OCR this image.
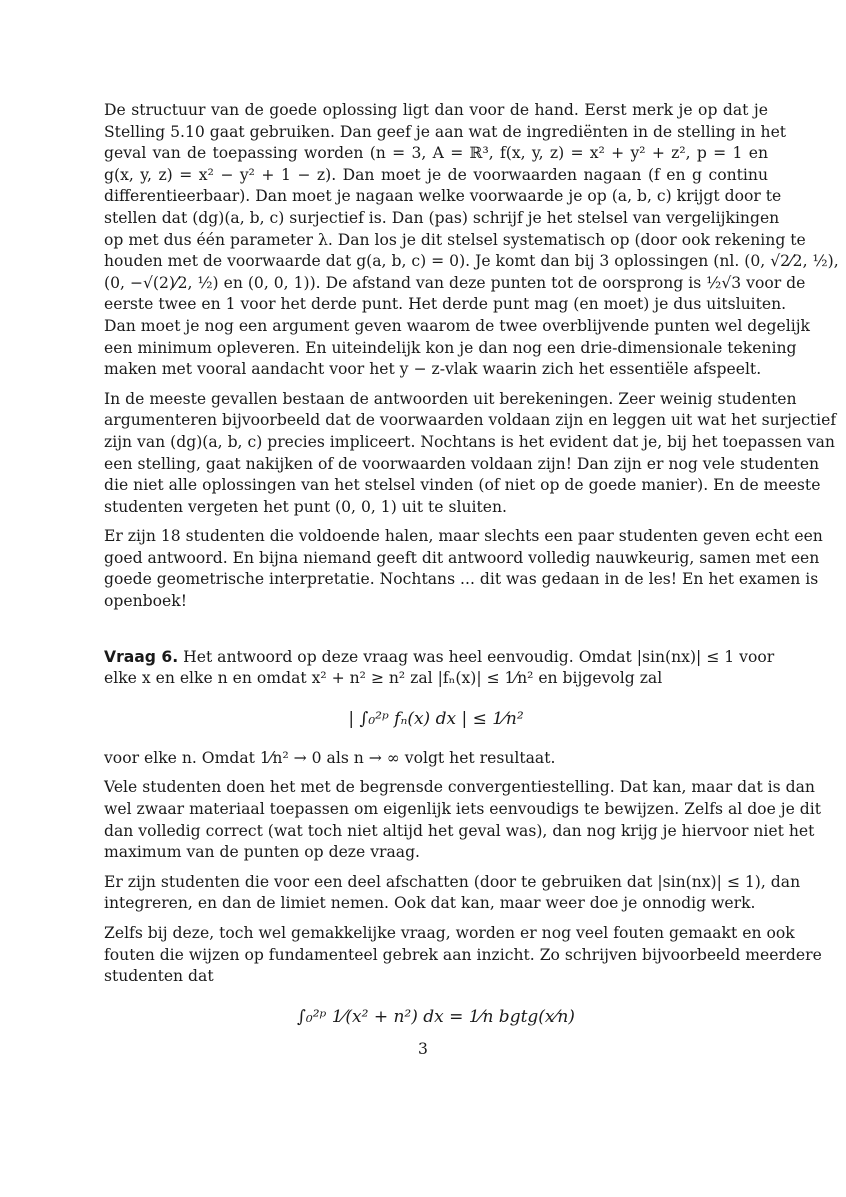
De structuur van de goede oplossing ligt dan voor de hand. Eerst merk je op dat je
Stelling 5.10 gaat gebruiken. Dan geef je aan wat de ingrediënten in de stelling in het
geval van de toepassing worden (n = 3, A = ℝ³, f(x, y, z) = x² + y² + z², p = 1 en
g(x, y, z) = x² − y² + 1 − z). Dan moet je de voorwaarden nagaan (f en g continu
differentieerbaar). Dan moet je nagaan welke voorwaarde je op (a, b, c) krijgt door te
stellen dat (dg)(a, b, c) surjectief is. Dan (pas) schrijf je het stelsel van vergelijkingen
op met dus één parameter λ. Dan los je dit stelsel systematisch op (door ook rekening te
houden met de voorwaarde dat g(a, b, c) = 0). Je komt dan bij 3 oplossingen (nl. (0, √2⁄2, ½),
(0, −√(2)⁄2, ½) en (0, 0, 1)). De afstand van deze punten tot de oorsprong is ½√3 voor de
eerste twee en 1 voor het derde punt. Het derde punt mag (en moet) je dus uitsluiten.
Dan moet je nog een argument geven waarom de twee overblijvende punten wel degelijk
een minimum opleveren. En uiteindelijk kon je dan nog een drie-dimensionale tekening
maken met vooral aandacht voor het y − z-vlak waarin zich het essentiële afspeelt.
In de meeste gevallen bestaan de antwoorden uit berekeningen. Zeer weinig studenten
argumenteren bijvoorbeeld dat de voorwaarden voldaan zijn en leggen uit wat het surjectief
zijn van (dg)(a, b, c) precies impliceert. Nochtans is het evident dat je, bij het toepassen van
een stelling, gaat nakijken of de voorwaarden voldaan zijn! Dan zijn er nog vele studenten
die niet alle oplossingen van het stelsel vinden (of niet op de goede manier). En de meeste
studenten vergeten het punt (0, 0, 1) uit te sluiten.
Er zijn 18 studenten die voldoende halen, maar slechts een paar studenten geven echt een
goed antwoord. En bijna niemand geeft dit antwoord volledig nauwkeurig, samen met een
goede geometrische interpretatie. Nochtans ... dit was gedaan in de les! En het examen is
openboek!
Vraag 6. Het antwoord op deze vraag was heel eenvoudig. Omdat |sin(nx)| ≤ 1 voor
elke x en elke n en omdat x² + n² ≥ n² zal |fₙ(x)| ≤ 1⁄n² en bijgevolg zal
| ∫₀²ᵖ fₙ(x) dx | ≤ 1⁄n²
voor elke n. Omdat 1⁄n² → 0 als n → ∞ volgt het resultaat.
Vele studenten doen het met de begrensde convergentiestelling. Dat kan, maar dat is dan
wel zwaar materiaal toepassen om eigenlijk iets eenvoudigs te bewijzen. Zelfs al doe je dit
dan volledig correct (wat toch niet altijd het geval was), dan nog krijg je hiervoor niet het
maximum van de punten op deze vraag.
Er zijn studenten die voor een deel afschatten (door te gebruiken dat |sin(nx)| ≤ 1), dan
integreren, en dan de limiet nemen. Ook dat kan, maar weer doe je onnodig werk.
Zelfs bij deze, toch wel gemakkelijke vraag, worden er nog veel fouten gemaakt en ook
fouten die wijzen op fundamenteel gebrek aan inzicht. Zo schrijven bijvoorbeeld meerdere
studenten dat
∫₀²ᵖ 1⁄(x² + n²) dx = 1⁄n bgtg(x⁄n)
3
